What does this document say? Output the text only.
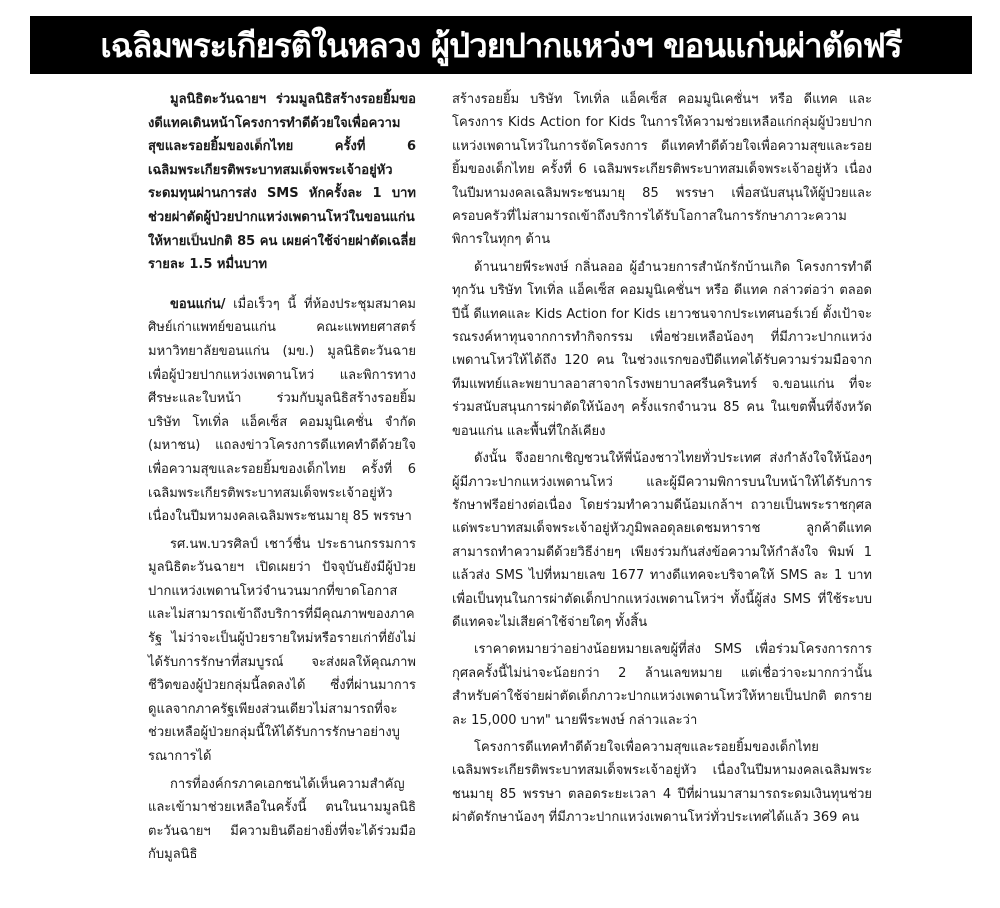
เฉลิมพระเกียรติในหลวง ผู้ป่วยปากแหว่งฯ ขอนแก่นผ่าตัดฟรี

มูลนิธิตะวันฉายฯ ร่วมมูลนิธิสร้างรอยยิ้มของดีแทคเดินหน้าโครงการทำดีด้วยใจเพื่อความสุขและรอยยิ้มของเด็กไทย ครั้งที่ 6 เฉลิมพระเกียรติพระบาทสมเด็จพระเจ้าอยู่หัว ระดมทุนผ่านการส่ง SMS หักครั้งละ 1 บาท ช่วยผ่าตัดผู้ป่วยปากแหว่งเพดานโหว่ในขอนแก่นให้หายเป็นปกติ 85 คน เผยค่าใช้จ่ายผ่าตัดเฉลี่ยรายละ 1.5 หมื่นบาท

ขอนแก่น/ เมื่อเร็วๆ นี้ ที่ห้องประชุมสมาคมศิษย์เก่าแพทย์ขอนแก่น คณะแพทยศาสตร์ มหาวิทยาลัยขอนแก่น (มข.) มูลนิธิตะวันฉายเพื่อผู้ป่วยปากแหว่งเพดานโหว่ และพิการทางศีรษะและใบหน้า ร่วมกับมูลนิธิสร้างรอยยิ้ม บริษัท โทเทิ่ล แอ็คเซ็ส คอมมูนิเคชั่น จำกัด (มหาชน) แถลงข่าวโครงการดีแทคทำดีด้วยใจ เพื่อความสุขและรอยยิ้มของเด็กไทย ครั้งที่ 6 เฉลิมพระเกียรติพระบาทสมเด็จพระเจ้าอยู่หัว เนื่องในปีมหามงคลเฉลิมพระชนมายุ 85 พรรษา

รศ.นพ.บวรศิลป์ เชาว์ชื่น ประธานกรรมการมูลนิธิตะวันฉายฯ เปิดเผยว่า ปัจจุบันยังมีผู้ป่วยปากแหว่งเพดานโหว่จำนวนมากที่ขาดโอกาส และไม่สามารถเข้าถึงบริการที่มีคุณภาพของภาครัฐ ไม่ว่าจะเป็นผู้ป่วยรายใหม่หรือรายเก่าที่ยังไม่ได้รับการรักษาที่สมบูรณ์ จะส่งผลให้คุณภาพชีวิตของผู้ป่วยกลุ่มนี้ลดลงได้ ซึ่งที่ผ่านมาการดูแลจากภาครัฐเพียงส่วนเดียวไม่สามารถที่จะช่วยเหลือผู้ป่วยกลุ่มนี้ให้ได้รับการรักษาอย่างบูรณาการได้

การที่องค์กรภาคเอกชนได้เห็นความสำคัญและเข้ามาช่วยเหลือในครั้งนี้ ตนในนามมูลนิธิตะวันฉายฯ มีความยินดีอย่างยิ่งที่จะได้ร่วมมือกับมูลนิธิ

สร้างรอยยิ้ม บริษัท โทเทิ่ล แอ็คเซ็ส คอมมูนิเคชั่นฯ หรือ ดีแทค และโครงการ Kids Action for Kids ในการให้ความช่วยเหลือแก่กลุ่มผู้ป่วยปากแหว่งเพดานโหว่ในการจัดโครงการ ดีแทคทำดีด้วยใจเพื่อความสุขและรอยยิ้มของเด็กไทย ครั้งที่ 6 เฉลิมพระเกียรติพระบาทสมเด็จพระเจ้าอยู่หัว เนื่องในปีมหามงคลเฉลิมพระชนมายุ 85 พรรษา เพื่อสนับสนุนให้ผู้ป่วยและครอบครัวที่ไม่สามารถเข้าถึงบริการได้รับโอกาสในการรักษาภาวะความพิการในทุกๆ ด้าน

ด้านนายพีระพงษ์ กลิ่นลออ ผู้อำนวยการสำนักรักบ้านเกิด โครงการทำดีทุกวัน บริษัท โทเทิ่ล แอ็คเซ็ส คอมมูนิเคชั่นฯ หรือ ดีแทค กล่าวต่อว่า ตลอดปีนี้ ดีแทคและ Kids Action for Kids เยาวชนจากประเทศนอร์เวย์ ตั้งเป้าจะรณรงค์หาทุนจากการทำกิจกรรม เพื่อช่วยเหลือน้องๆ ที่มีภาวะปากแหว่งเพดานโหว่ให้ได้ถึง 120 คน ในช่วงแรกของปีดีแทคได้รับความร่วมมือจากทีมแพทย์และพยาบาลอาสาจากโรงพยาบาลศรีนครินทร์ จ.ขอนแก่น ที่จะร่วมสนับสนุนการผ่าตัดให้น้องๆ ครั้งแรกจำนวน 85 คน ในเขตพื้นที่จังหวัดขอนแก่น และพื้นที่ใกล้เคียง

ดังนั้น จึงอยากเชิญชวนให้พี่น้องชาวไทยทั่วประเทศ ส่งกำลังใจให้น้องๆ ผู้มีภาวะปากแหว่งเพดานโหว่ และผู้มีความพิการบนใบหน้าให้ได้รับการรักษาฟรีอย่างต่อเนื่อง โดยร่วมทำความดีน้อมเกล้าฯ ถวายเป็นพระราชกุศลแด่พระบาทสมเด็จพระเจ้าอยู่หัวภูมิพลอดุลยเดชมหาราช ลูกค้าดีแทคสามารถทำความดีด้วยวิธีง่ายๆ เพียงร่วมกันส่งข้อความให้กำลังใจ พิมพ์ 1 แล้วส่ง SMS ไปที่หมายเลข 1677 ทางดีแทคจะบริจาคให้ SMS ละ 1 บาท เพื่อเป็นทุนในการผ่าตัดเด็กปากแหว่งเพดานโหว่ฯ ทั้งนี้ผู้ส่ง SMS ที่ใช้ระบบดีแทคจะไม่เสียค่าใช้จ่ายใดๆ ทั้งสิ้น

เราคาดหมายว่าอย่างน้อยหมายเลขผู้ที่ส่ง SMS เพื่อร่วมโครงการการกุศลครั้งนี้ไม่น่าจะน้อยกว่า 2 ล้านเลขหมาย แต่เชื่อว่าจะมากกว่านั้น สำหรับค่าใช้จ่ายผ่าตัดเด็กภาวะปากแหว่งเพดานโหว่ให้หายเป็นปกติ ตกรายละ 15,000 บาท" นายพีระพงษ์ กล่าวและว่า

โครงการดีแทคทำดีด้วยใจเพื่อความสุขและรอยยิ้มของเด็กไทย เฉลิมพระเกียรติพระบาทสมเด็จพระเจ้าอยู่หัว เนื่องในปีมหามงคลเฉลิมพระชนมายุ 85 พรรษา ตลอดระยะเวลา 4 ปีที่ผ่านมาสามารถระดมเงินทุนช่วยผ่าตัดรักษาน้องๆ ที่มีภาวะปากแหว่งเพดานโหว่ทั่วประเทศได้แล้ว 369 คน
